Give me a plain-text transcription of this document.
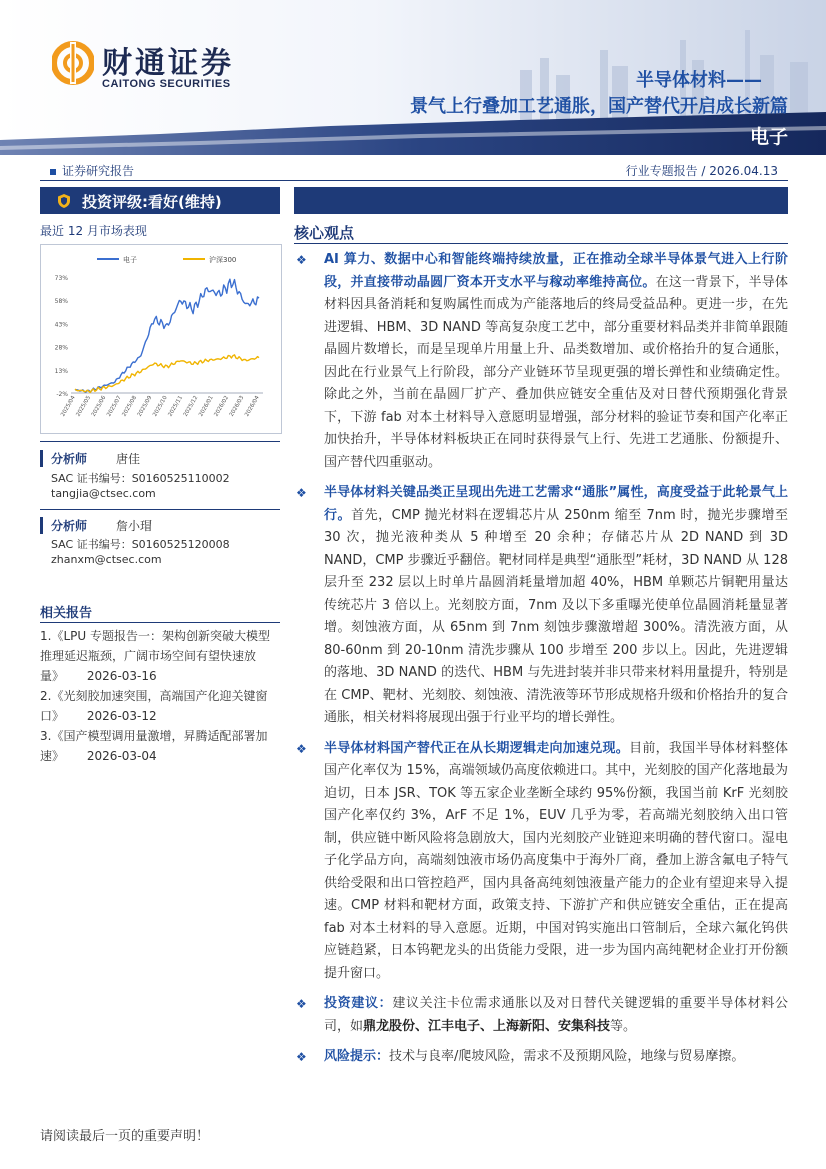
财通证券
CAITONG SECURITIES	半导体材料——
景气上行叠加工艺通胀，国产替代开启成长新篇
电子
证券研究报告	行业专题报告 / 2026.04.13
投资评级:看好(维持)
最近 12 月市场表现
73%
58%
43%
28%
13%
-2%
2025/04
2025/05
2025/06
2025/07
2025/08
2025/09
2025/10
2025/11
2025/12
2026/01
2026/02
2026/03
2026/04
电子	沪深300
分析师 唐佳
SAC 证书编号：S0160525110002
tangjia@ctsec.com
分析师 詹小瑁
SAC 证书编号：S0160525120008
zhanxm@ctsec.com
相关报告

1.《LPU 专题报告一：架构创新突破大模型推理延迟瓶颈，广阔市场空间有望快速放量》 2026-03-16

2.《光刻胶加速突围，高端国产化迎关键窗口》 2026-03-12

3.《国产模型调用量激增，昇腾适配部署加速》 2026-03-04

核心观点
❖ AI 算力、数据中心和智能终端持续放量，正在推动全球半导体景气进入上行阶段，并直接带动晶圆厂资本开支水平与稼动率维持高位。在这一背景下，半导体材料因具备消耗和复购属性而成为产能落地后的终局受益品种。更进一步，在先进逻辑、HBM、3D NAND 等高复杂度工艺中，部分重要材料品类并非简单跟随晶圆片数增长，而是呈现单片用量上升、品类数增加、或价格抬升的复合通胀，因此在行业景气上行阶段，部分产业链环节呈现更强的增长弹性和业绩确定性。除此之外，当前在晶圆厂扩产、叠加供应链安全重估及对日替代预期强化背景下，下游 fab 对本土材料导入意愿明显增强，部分材料的验证节奏和国产化率正加快抬升，半导体材料板块正在同时获得景气上行、先进工艺通胀、份额提升、国产替代四重驱动。
❖ 半导体材料关键品类正呈现出先进工艺需求“通胀”属性，高度受益于此轮景气上行。首先，CMP 抛光材料在逻辑芯片从 250nm 缩至 7nm 时，抛光步骤增至 30 次，抛光液种类从 5 种增至 20 余种；存储芯片从 2D NAND 到 3D NAND，CMP 步骤近乎翻倍。靶材同样是典型“通胀型”耗材，3D NAND 从 128 层升至 232 层以上时单片晶圆消耗量增加超 40%，HBM 单颗芯片铜靶用量达传统芯片 3 倍以上。光刻胶方面，7nm 及以下多重曝光使单位晶圆消耗量显著增。刻蚀液方面，从 65nm 到 7nm 刻蚀步骤激增超 300%。清洗液方面，从 80-60nm 到 20-10nm 清洗步骤从 100 步增至 200 步以上。因此，先进逻辑的落地、3D NAND 的迭代、HBM 与先进封装并非只带来材料用量提升，特别是在 CMP、靶材、光刻胶、刻蚀液、清洗液等环节形成规格升级和价格抬升的复合通胀，相关材料将展现出强于行业平均的增长弹性。
❖ 半导体材料国产替代正在从长期逻辑走向加速兑现。目前，我国半导体材料整体国产化率仅为 15%，高端领域仍高度依赖进口。其中，光刻胶的国产化落地最为迫切，日本 JSR、TOK 等五家企业垄断全球约 95%份额，我国当前 KrF 光刻胶国产化率仅约 3%，ArF 不足 1%，EUV 几乎为零，若高端光刻胶纳入出口管制，供应链中断风险将急剧放大，国内光刻胶产业链迎来明确的替代窗口。湿电子化学品方向，高端刻蚀液市场仍高度集中于海外厂商，叠加上游含氟电子特气供给受限和出口管控趋严，国内具备高纯刻蚀液量产能力的企业有望迎来导入提速。CMP 材料和靶材方面，政策支持、下游扩产和供应链安全重估，正在提高 fab 对本土材料的导入意愿。近期，中国对钨实施出口管制后，全球六氟化钨供应链趋紧，日本钨靶龙头的出货能力受限，进一步为国内高纯靶材企业打开份额提升窗口。
❖ 投资建议：建议关注卡位需求通胀以及对日替代关键逻辑的重要半导体材料公司，如鼎龙股份、江丰电子、上海新阳、安集科技等。
❖ 风险提示：技术与良率/爬坡风险，需求不及预期风险，地缘与贸易摩擦。
请阅读最后一页的重要声明！
